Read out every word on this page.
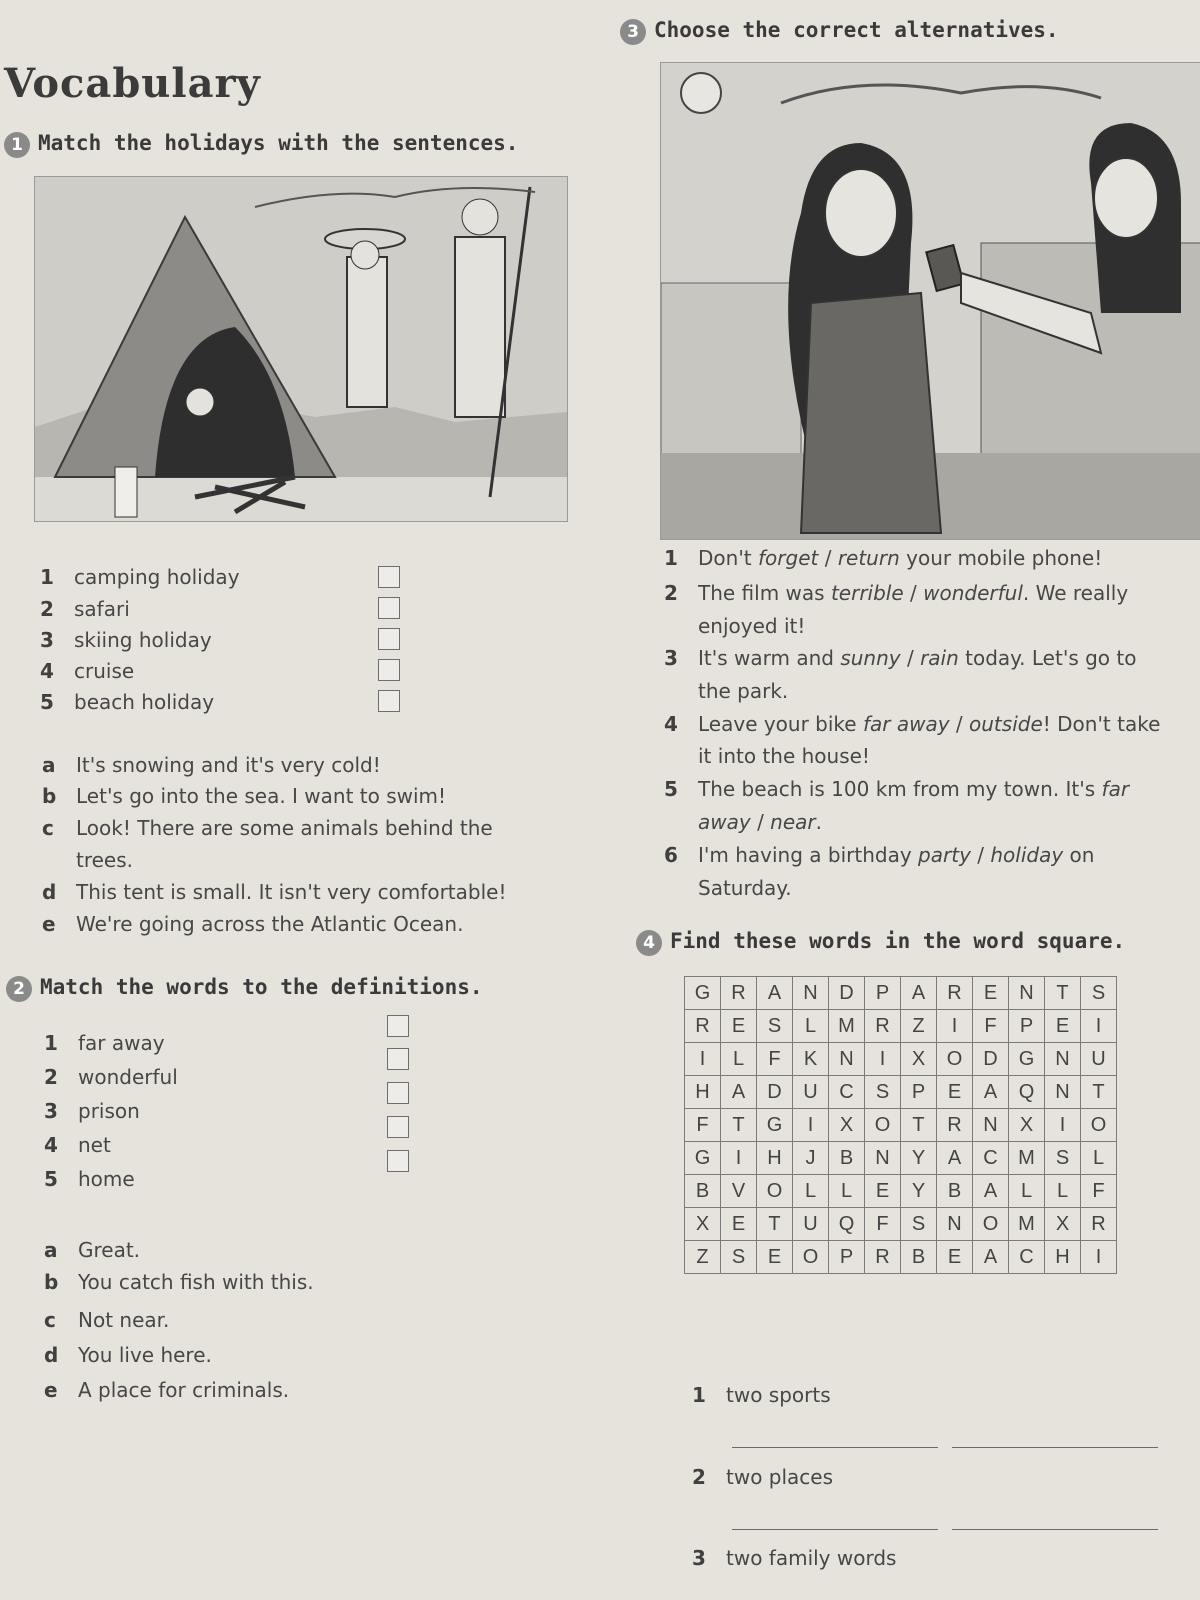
Vocabulary
1 Match the holidays with the sentences.
1 camping holiday
2 safari
3 skiing holiday
4 cruise
5 beach holiday
a It's snowing and it's very cold!
b Let's go into the sea. I want to swim!
c Look! There are some animals behind the
trees.
d This tent is small. It isn't very comfortable!
e We're going across the Atlantic Ocean.
2 Match the words to the definitions.
1 far away
2 wonderful
3 prison
4 net
5 home
a Great.
b You catch fish with this.
c Not near.
d You live here.
e A place for criminals.
3 Choose the correct alternatives.
1 Don't forget / return your mobile phone!
2 The film was terrible / wonderful. We really
enjoyed it!
3 It's warm and sunny / rain today. Let's go to
the park.
4 Leave your bike far away / outside! Don't take
it into the house!
5 The beach is 100 km from my town. It's far
away / near.
6 I'm having a birthday party / holiday on
Saturday.
4 Find these words in the word square.
G	R	A	N	D	P	A	R	E	N	T	S
R	E	S	L	M	R	Z	I	F	P	E	I
I	L	F	K	N	I	X	O	D	G	N	U
H	A	D	U	C	S	P	E	A	Q	N	T
F	T	G	I	X	O	T	R	N	X	I	O
G	I	H	J	B	N	Y	A	C	M	S	L
B	V	O	L	L	E	Y	B	A	L	L	F
X	E	T	U	Q	F	S	N	O	M	X	R
Z	S	E	O	P	R	B	E	A	C	H	I
1 two sports
2 two places
3 two family words
